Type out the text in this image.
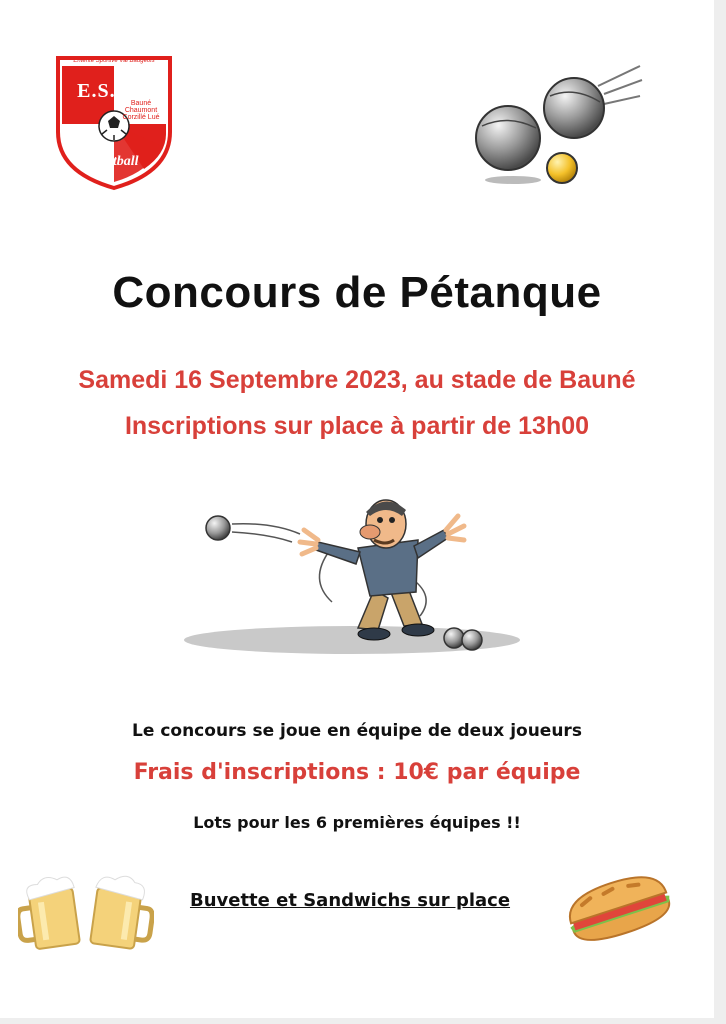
Entente Sportive Val Baugeois
E.S.V.B
Bauné Chaumont Corzillé Lué
Football
Concours de Pétanque
Samedi 16 Septembre 2023, au stade de Bauné
Inscriptions sur place à partir de 13h00
Le concours se joue en équipe de deux joueurs
Frais d'inscriptions : 10€ par équipe
Lots pour les 6 premières équipes !!
Buvette et Sandwichs sur place
